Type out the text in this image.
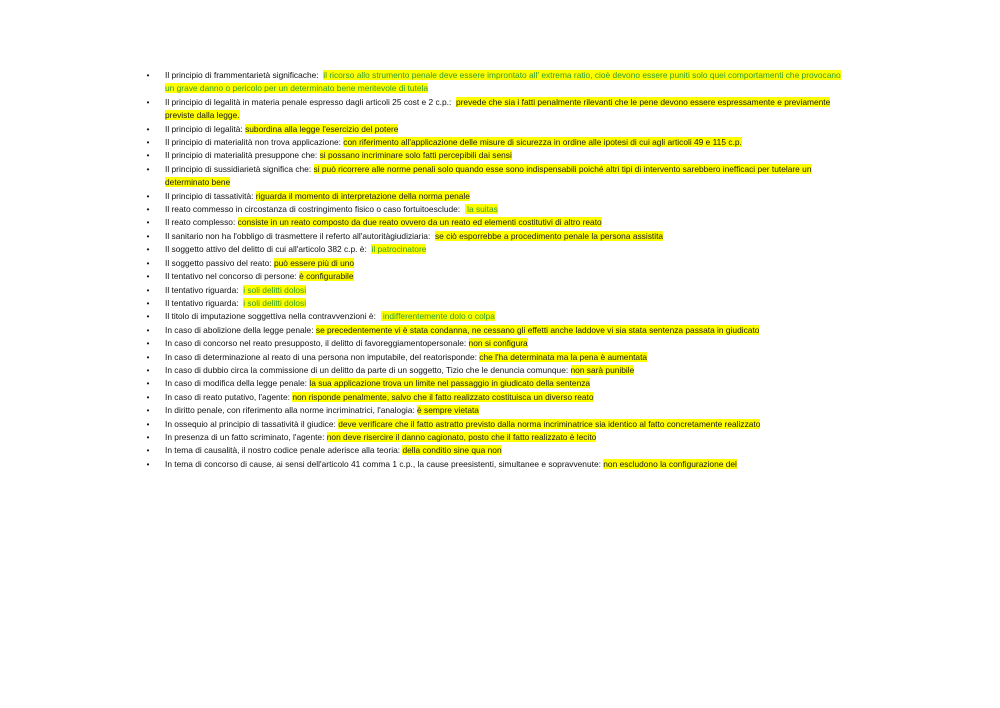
•	Il principio di frammentarietà significache:  il ricorso allo strumento penale deve essere improntato all' extrema ratio, cioè devono essere puniti solo quei comportamenti che provocano un grave danno o pericolo per un determinato bene meritevole di tutela
•	Il principio di legalità in materia penale espresso dagli articoli 25 cost e 2 c.p.:  prevede che sia i fatti penalmente rilevanti che le pene devono essere espressamente e previamente previste dalla legge.
•	Il principio di legalità: subordina alla legge l'esercizio del potere
•	Il principio di materialità non trova applicazione: con riferimento all'applicazione delle misure di sicurezza in ordine alle ipotesi di cui agli articoli 49 e 115 c.p.
•	Il principio di materialità presuppone che: si possano incriminare solo fatti percepibili dai sensi
•	Il principio di sussidiarietà significa che: si può ricorrere alle norme penali solo quando esse sono indispensabili poiché altri tipi di intervento sarebbero inefficaci per tutelare un determinato bene
•	Il principio di tassatività: riguarda il momento di interpretazione della norma penale
•	Il reato commesso in circostanza di costringimento fisico o caso fortuitoesclude:   la suitas
•	Il reato complesso: consiste in un reato composto da due reato ovvero da un reato ed elementi costitutivi di altro reato
•	Il sanitario non ha l'obbligo di trasmettere il referto all'autoritàgiudiziaria:  se ciò esporrebbe a procedimento penale la persona assistita
•	Il soggetto attivo del delitto di cui all'articolo 382 c.p. è:  il patrocinatore
•	Il soggetto passivo del reato: può essere più di uno
•	Il tentativo nel concorso di persone: è configurabile
•	Il tentativo riguarda:  i soli delitti dolosi
•	Il tentativo riguarda:  i soli delitti dolosi
•	Il titolo di imputazione soggettiva nella contravvenzioni è:   indifferentemente dolo o colpa
•	In caso di abolizione della legge penale: se precedentemente vi è stata condanna, ne cessano gli effetti anche laddove vi sia stata sentenza passata in giudicato
•	In caso di concorso nel reato presupposto, il delitto di favoreggiamentopersonale: non si configura
•	In caso di determinazione al reato di una persona non imputabile, del reatorisponde: che l'ha determinata ma la pena è aumentata
•	In caso di dubbio circa la commissione di un delitto da parte di un soggetto, Tizio che le denuncia comunque: non sarà punibile
•	In caso di modifica della legge penale: la sua applicazione trova un limite nel passaggio in giudicato della sentenza
•	In caso di reato putativo, l'agente: non risponde penalmente, salvo che il fatto realizzato costituisca un diverso reato
•	In diritto penale, con riferimento alla norme incriminatrici, l'analogia: è sempre vietata
•	In ossequio al principio di tassatività il giudice: deve verificare che il fatto astratto previsto dalla norma incriminatrice sia identico al fatto concretamente realizzato
•	In presenza di un fatto scriminato, l'agente: non deve risercire il danno cagionato, posto che il fatto realizzato è lecito
•	In tema di causalità, il nostro codice penale aderisce alla teoria: della conditio sine qua non
•	In tema di concorso di cause, ai sensi dell'articolo 41 comma 1 c.p., la cause preesistenti, simultanee e sopravvenute: non escludono la configurazione del
